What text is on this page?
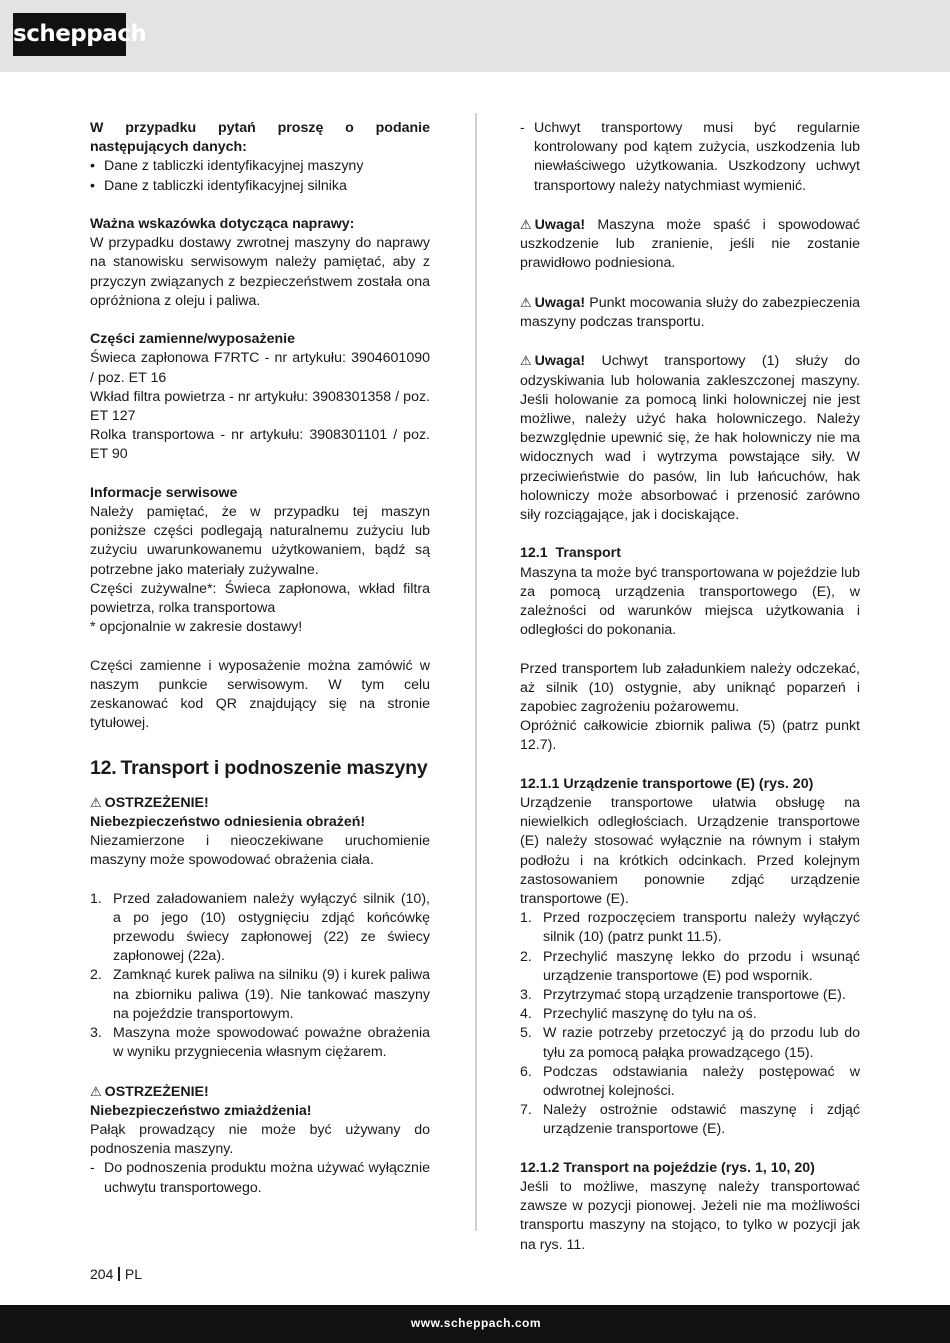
scheppach

W przypadku pytań proszę o podanie następujących danych:

• Dane z tabliczki identyfikacyjnej maszyny
• Dane z tabliczki identyfikacyjnej silnika

Ważna wskazówka dotycząca naprawy:

W przypadku dostawy zwrotnej maszyny do naprawy na stanowisku serwisowym należy pamiętać, aby z przyczyn związanych z bezpieczeństwem została ona opróżniona z oleju i paliwa.

Części zamienne/wyposażenie

Świeca zapłonowa F7RTC - nr artykułu: 3904601090 / poz. ET 16

Wkład filtra powietrza - nr artykułu: 3908301358 / poz. ET 127

Rolka transportowa - nr artykułu: 3908301101 / poz. ET 90

Informacje serwisowe

Należy pamiętać, że w przypadku tej maszyn poniższe części podlegają naturalnemu zużyciu lub zużyciu uwarunkowanemu użytkowaniem, bądź są potrzebne jako materiały zużywalne.

Części zużywalne*: Świeca zapłonowa, wkład filtra powietrza, rolka transportowa

* opcjonalnie w zakresie dostawy!

Części zamienne i wyposażenie można zamówić w naszym punkcie serwisowym. W tym celu zeskanować kod QR znajdujący się na stronie tytułowej.

12. Transport i podnoszenie maszyny

⚠ OSTRZEŻENIE!

Niebezpieczeństwo odniesienia obrażeń!

Niezamierzone i nieoczekiwane uruchomienie maszyny może spowodować obrażenia ciała.

1. Przed załadowaniem należy wyłączyć silnik (10), a po jego (10) ostygnięciu zdjąć końcówkę przewodu świecy zapłonowej (22) ze świecy zapłonowej (22a).
2. Zamknąć kurek paliwa na silniku (9) i kurek paliwa na zbiorniku paliwa (19). Nie tankować maszyny na pojeździe transportowym.
3. Maszyna może spowodować poważne obrażenia w wyniku przygniecenia własnym ciężarem.

⚠ OSTRZEŻENIE!

Niebezpieczeństwo zmiażdżenia!

Pałąk prowadzący nie może być używany do podnoszenia maszyny.

- Do podnoszenia produktu można używać wyłącznie uchwytu transportowego.
- Uchwyt transportowy musi być regularnie kontrolowany pod kątem zużycia, uszkodzenia lub niewłaściwego użytkowania. Uszkodzony uchwyt transportowy należy natychmiast wymienić.

⚠ Uwaga! Maszyna może spaść i spowodować uszkodzenie lub zranienie, jeśli nie zostanie prawidłowo podniesiona.

⚠ Uwaga! Punkt mocowania służy do zabezpieczenia maszyny podczas transportu.

⚠ Uwaga! Uchwyt transportowy (1) służy do odzyskiwania lub holowania zakleszczonej maszyny. Jeśli holowanie za pomocą linki holowniczej nie jest możliwe, należy użyć haka holowniczego. Należy bezwzględnie upewnić się, że hak holowniczy nie ma widocznych wad i wytrzyma powstające siły. W przeciwieństwie do pasów, lin lub łańcuchów, hak holowniczy może absorbować i przenosić zarówno siły rozciągające, jak i dociskające.

12.1  Transport

Maszyna ta może być transportowana w pojeździe lub za pomocą urządzenia transportowego (E), w zależności od warunków miejsca użytkowania i odległości do pokonania.

Przed transportem lub załadunkiem należy odczekać, aż silnik (10) ostygnie, aby uniknąć poparzeń i zapobiec zagrożeniu pożarowemu.

Opróżnić całkowicie zbiornik paliwa (5) (patrz punkt 12.7).

12.1.1 Urządzenie transportowe (E) (rys. 20)

Urządzenie transportowe ułatwia obsługę na niewielkich odległościach. Urządzenie transportowe (E) należy stosować wyłącznie na równym i stałym podłożu i na krótkich odcinkach. Przed kolejnym zastosowaniem ponownie zdjąć urządzenie transportowe (E).

1. Przed rozpoczęciem transportu należy wyłączyć silnik (10) (patrz punkt 11.5).
2. Przechylić maszynę lekko do przodu i wsunąć urządzenie transportowe (E) pod wspornik.
3. Przytrzymać stopą urządzenie transportowe (E).
4. Przechylić maszynę do tyłu na oś.
5. W razie potrzeby przetoczyć ją do przodu lub do tyłu za pomocą pałąka prowadzącego (15).
6. Podczas odstawiania należy postępować w odwrotnej kolejności.
7. Należy ostrożnie odstawić maszynę i zdjąć urządzenie transportowe (E).

12.1.2 Transport na pojeździe (rys. 1, 10, 20)

Jeśli to możliwe, maszynę należy transportować zawsze w pozycji pionowej. Jeżeli nie ma możliwości transportu maszyny na stojąco, to tylko w pozycji jak na rys. 11.

204 PL
www.scheppach.com
